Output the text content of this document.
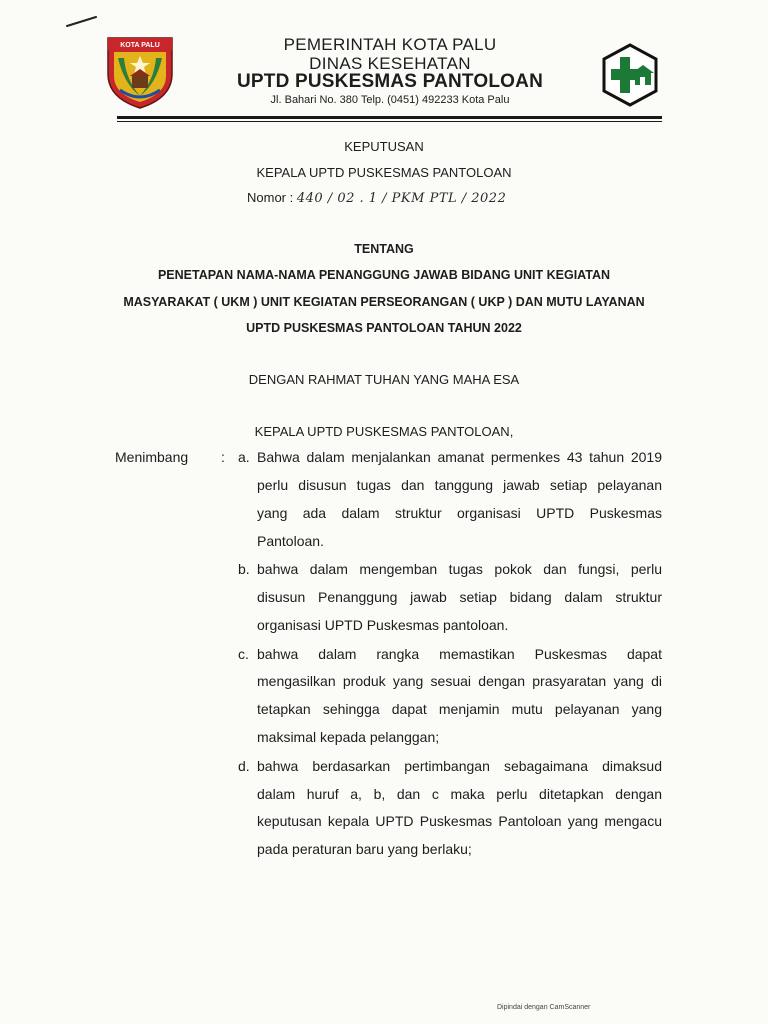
KOTA PALU	PEMERINTAH KOTA PALU
DINAS KESEHATAN
UPTD PUSKESMAS PANTOLOAN
Jl. Bahari No. 380 Telp. (0451) 492233 Kota Palu
KEPUTUSAN
KEPALA UPTD PUSKESMAS PANTOLOAN
Nomor : 440 / 02 . 1 / PKM PTL / 2022
TENTANG
PENETAPAN NAMA-NAMA PENANGGUNG JAWAB BIDANG UNIT KEGIATAN
MASYARAKAT ( UKM ) UNIT KEGIATAN PERSEORANGAN ( UKP ) DAN MUTU LAYANAN
UPTD PUSKESMAS PANTOLOAN TAHUN 2022
DENGAN RAHMAT TUHAN YANG MAHA ESA
KEPALA UPTD PUSKESMAS PANTOLOAN,
Menimbang : a. Bahwa dalam menjalankan amanat permenkes 43 tahun 2019
perlu disusun tugas dan tanggung jawab setiap pelayanan
yang ada dalam struktur organisasi UPTD Puskesmas
Pantoloan.
b. bahwa dalam mengemban tugas pokok dan fungsi, perlu
disusun Penanggung jawab setiap bidang dalam struktur
organisasi UPTD Puskesmas pantoloan.
c. bahwa dalam rangka memastikan Puskesmas dapat
mengasilkan produk yang sesuai dengan prasyaratan yang di
tetapkan sehingga dapat menjamin mutu pelayanan yang
maksimal kepada pelanggan;
d. bahwa berdasarkan pertimbangan sebagaimana dimaksud
dalam huruf a, b, dan c maka perlu ditetapkan dengan
keputusan kepala UPTD Puskesmas Pantoloan yang mengacu
pada peraturan baru yang berlaku;
Dipindai dengan CamScanner
